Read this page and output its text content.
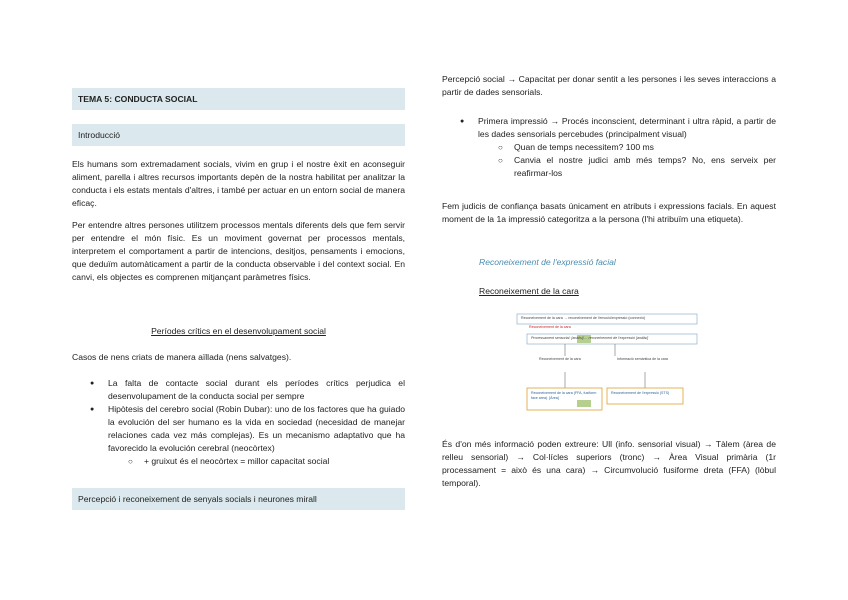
TEMA 5: CONDUCTA SOCIAL
Introducció
Els humans som extremadament socials, vivim en grup i el nostre èxit en aconseguir aliment, parella i altres recursos importants depèn de la nostra habilitat per analitzar la conducta i els estats mentals d'altres, i també per actuar en un entorn social de manera eficaç.
Per entendre altres persones utilitzem processos mentals diferents dels que fem servir per entendre el món físic. Es un moviment governat per processos mentals, interpretem el comportament a partir de intencions, desitjos, pensaments i emocions, que deduïm automàticament a partir de la conducta observable i del context social. En canvi, els objectes es comprenen mitjançant paràmetres físics.
Períodes crítics en el desenvolupament social
Casos de nens criats de manera aïllada (nens salvatges).
● La falta de contacte social durant els períodes crítics perjudica el desenvolupament de la conducta social per sempre
● Hipòtesis del cerebro social (Robin Dubar): uno de los factores que ha guiado la evolución del ser humano es la vida en sociedad (necesidad de manejar relaciones cada vez más complejas). Es un mecanismo adaptativo que ha favorecido la evolución cerebral (neocòrtex)
○ + gruixut és el neocòrtex = millor capacitat social
Percepció i reconeixement de senyals socials i neurones mirall
Percepció social → Capacitat per donar sentit a les persones i les seves interaccions a partir de dades sensorials.
● Primera impressió → Procés inconscient, determinant i ultra ràpid, a partir de les dades sensorials percebudes (principalment visual)
○ Quan de temps necessitem? 100 ms
○ Canvia el nostre judici amb més temps? No, ens serveix per reafirmar-los
Fem judicis de confiança basats únicament en atributs i expressions facials. En aquest moment de la 1a impressió categoritza a la persona (l'hi atribuïm una etiqueta).
Reconeixement de l'expressió facial
Reconeixement de la cara
Reconeixement de la cara → reconeixement de l'emoció/expressió (connexió)
Reconeixement de la cara
Processament sensorial: [anàlisi] ... reconeixement de l'expressió [anàlisi]
Reconeixement de la cara	Informació semàntica de la cara
Reconeixement de la cara (FFA, fusiform face area). [Àrea]
Reconeixement de l'expressió (STS)
És d'on més informació poden extreure: Ull (info. sensorial visual) → Tàlem (àrea de relleu sensorial) → Col·lícles superiors (tronc) → Àrea Visual primària (1r processament = això és una cara) → Circumvolució fusiforme dreta (FFA) (lòbul temporal).
